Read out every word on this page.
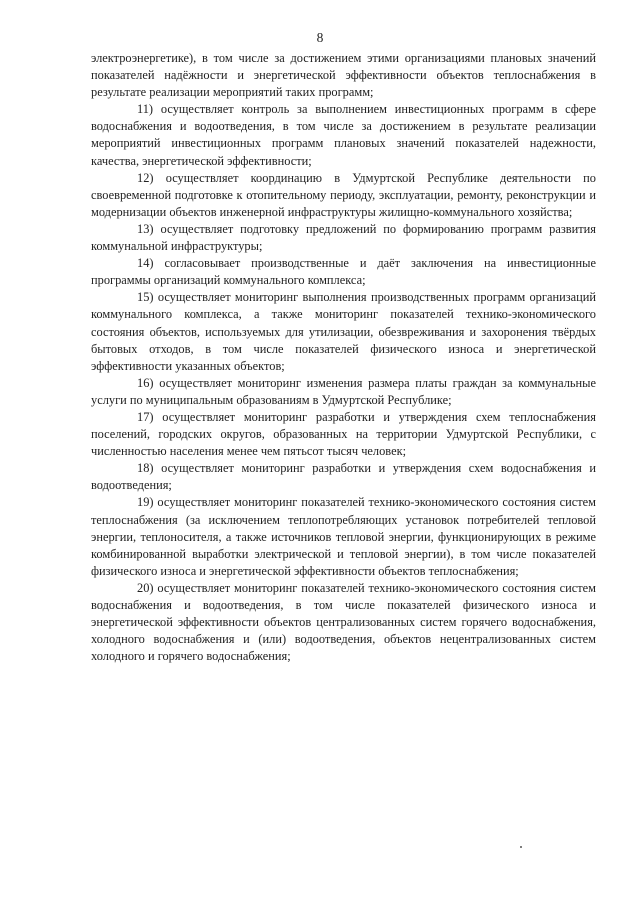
8

электроэнергетике), в том числе за достижением этими организациями плановых значений показателей надёжности и энергетической эффективности объектов теплоснабжения в результате реализации мероприятий таких программ;

11) осуществляет контроль за выполнением инвестиционных программ в сфере водоснабжения и водоотведения, в том числе за достижением в результате реализации мероприятий инвестиционных программ плановых значений показателей надежности, качества, энергетической эффективности;

12) осуществляет координацию в Удмуртской Республике деятельности по своевременной подготовке к отопительному периоду, эксплуатации, ремонту, реконструкции и модернизации объектов инженерной инфраструктуры жилищно-коммунального хозяйства;

13) осуществляет подготовку предложений по формированию программ развития коммунальной инфраструктуры;

14) согласовывает производственные и даёт заключения на инвестиционные программы организаций коммунального комплекса;

15) осуществляет мониторинг выполнения производственных программ организаций коммунального комплекса, а также мониторинг показателей технико-экономического состояния объектов, используемых для утилизации, обезвреживания и захоронения твёрдых бытовых отходов, в том числе показателей физического износа и энергетической эффективности указанных объектов;

16) осуществляет мониторинг изменения размера платы граждан за коммунальные услуги по муниципальным образованиям в Удмуртской Республике;

17) осуществляет мониторинг разработки и утверждения схем теплоснабжения поселений, городских округов, образованных на территории Удмуртской Республики, с численностью населения менее чем пятьсот тысяч человек;

18) осуществляет мониторинг разработки и утверждения схем водоснабжения и водоотведения;

19) осуществляет мониторинг показателей технико-экономического состояния систем теплоснабжения (за исключением теплопотребляющих установок потребителей тепловой энергии, теплоносителя, а также источников тепловой энергии, функционирующих в режиме комбинированной выработки электрической и тепловой энергии), в том числе показателей физического износа и энергетической эффективности объектов теплоснабжения;

20) осуществляет мониторинг показателей технико-экономического состояния систем водоснабжения и водоотведения, в том числе показателей физического износа и энергетической эффективности объектов централизованных систем горячего водоснабжения, холодного водоснабжения и (или) водоотведения, объектов нецентрализованных систем холодного и горячего водоснабжения;
